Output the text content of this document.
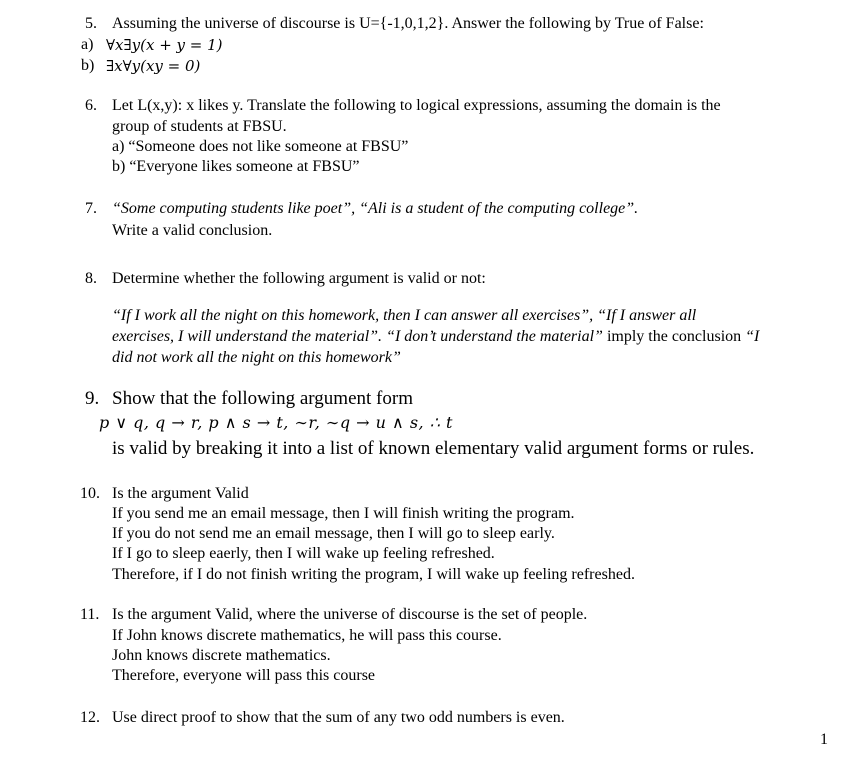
5. Assuming the universe of discourse is U={-1,0,1,2}. Answer the following by True of False:
a) ∀x∃y(x + y = 1)
b) ∃x∀y(xy = 0)
6. Let L(x,y): x likes y. Translate the following to logical expressions, assuming the domain is the
group of students at FBSU.
a) “Someone does not like someone at FBSU”
b) “Everyone likes someone at FBSU”
7. “Some computing students like poet”, “Ali is a student of the computing college”.
Write a valid conclusion.
8. Determine whether the following argument is valid or not:
“If I work all the night on this homework, then I can answer all exercises”, “If I answer all
exercises, I will understand the material”. “I don’t understand the material” imply the conclusion “I
did not work all the night on this homework”
9. Show that the following argument form
p ∨ q, q → r, p ∧ s → t, ∼r, ∼q → u ∧ s, ∴ t
is valid by breaking it into a list of known elementary valid argument forms or rules.
10. Is the argument Valid
If you send me an email message, then I will finish writing the program.
If you do not send me an email message, then I will go to sleep early.
If I go to sleep eaerly, then I will wake up feeling refreshed.
Therefore, if I do not finish writing the program, I will wake up feeling refreshed.
11. Is the argument Valid, where the universe of discourse is the set of people.
If John knows discrete mathematics, he will pass this course.
John knows discrete mathematics.
Therefore, everyone will pass this course
12. Use direct proof to show that the sum of any two odd numbers is even.
1
